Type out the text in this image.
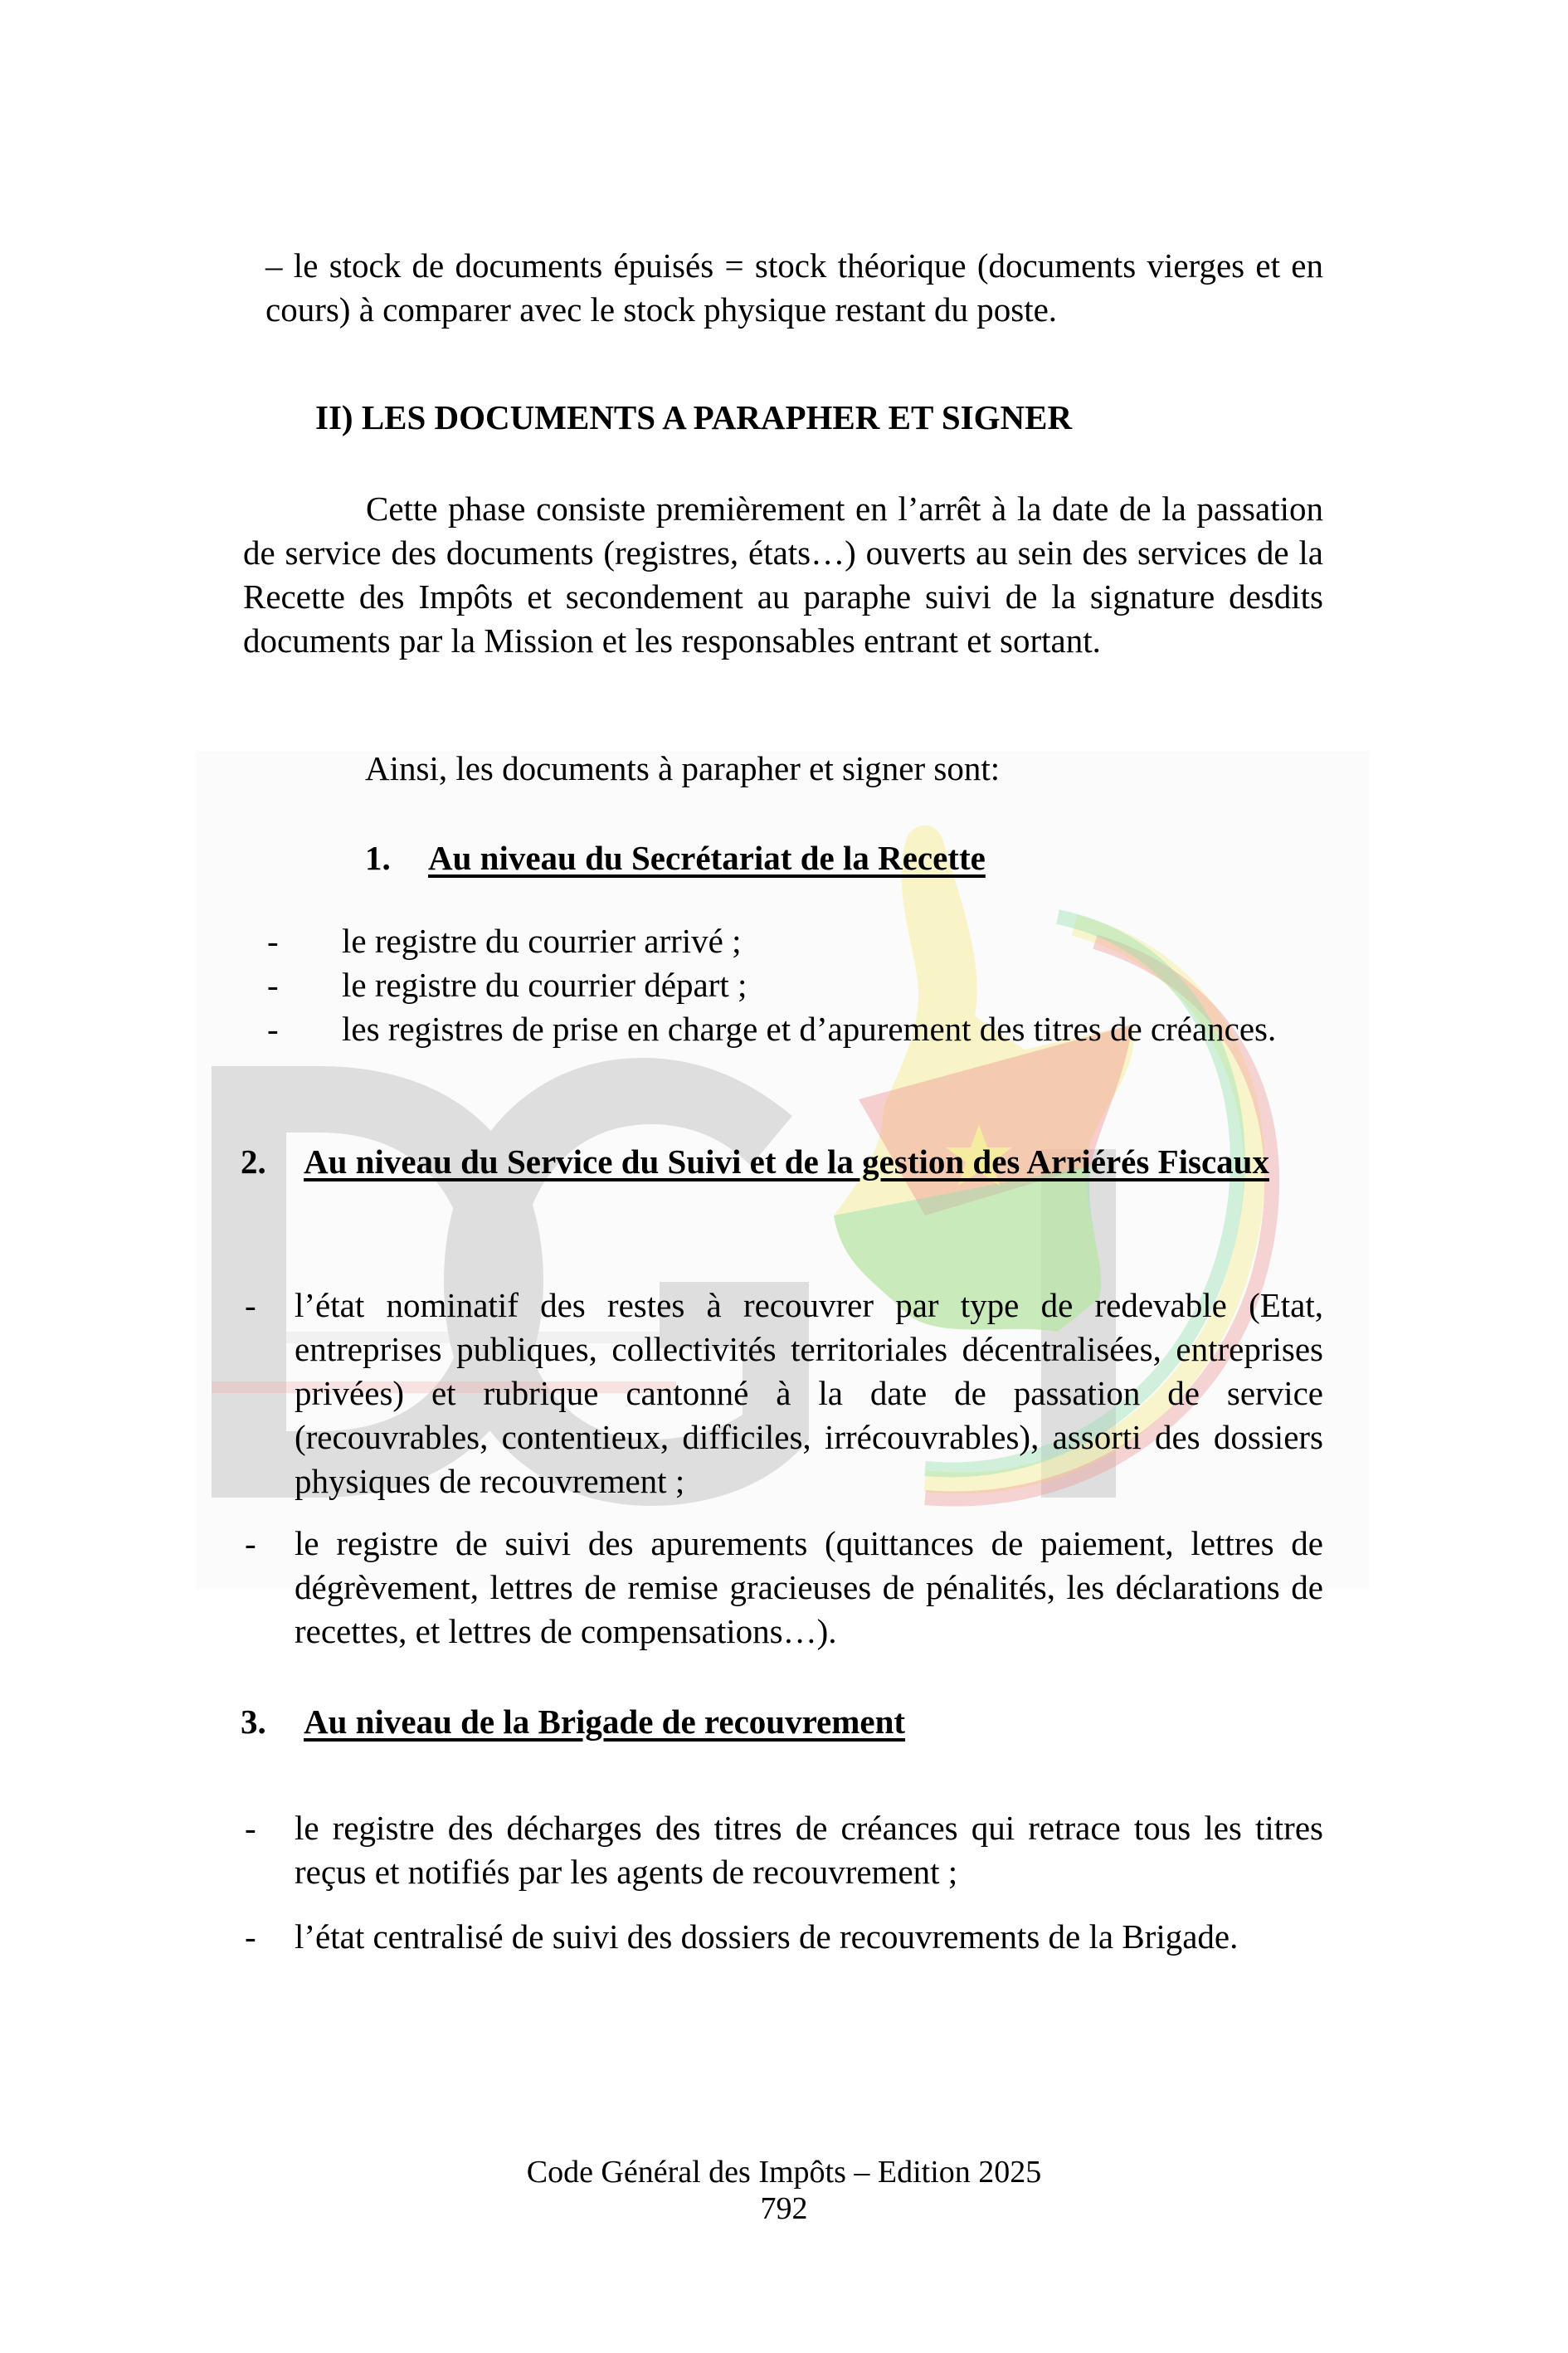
– le stock de documents épuisés = stock théorique (documents vierges et en cours) à comparer avec le stock physique restant du poste.
II) LES DOCUMENTS A PARAPHER ET SIGNER
Cette phase consiste premièrement en l’arrêt à la date de la passation de service des documents (registres, états…) ouverts au sein des services de la Recette des Impôts et secondement au paraphe suivi de la signature desdits documents par la Mission et les responsables entrant et sortant.
Ainsi, les documents à parapher et signer sont:
1. Au niveau du Secrétariat de la Recette
- le registre du courrier arrivé ;
- le registre du courrier départ ;
- les registres de prise en charge et d’apurement des titres de créances.
2. Au niveau du Service du Suivi et de la gestion des Arriérés Fiscaux
- l’état nominatif des restes à recouvrer par type de redevable (Etat, entreprises publiques, collectivités territoriales décentralisées, entreprises privées) et rubrique cantonné à la date de passation de service (recouvrables, contentieux, difficiles, irrécouvrables), assorti des dossiers physiques de recouvrement ;
- le registre de suivi des apurements (quittances de paiement, lettres de dégrèvement, lettres de remise gracieuses de pénalités, les déclarations de recettes, et lettres de compensations…).
3. Au niveau de la Brigade de recouvrement
- le registre des décharges des titres de créances qui retrace tous les titres reçus et notifiés par les agents de recouvrement ;
- l’état centralisé de suivi des dossiers de recouvrements de la Brigade.
Code Général des Impôts – Edition 2025
792
